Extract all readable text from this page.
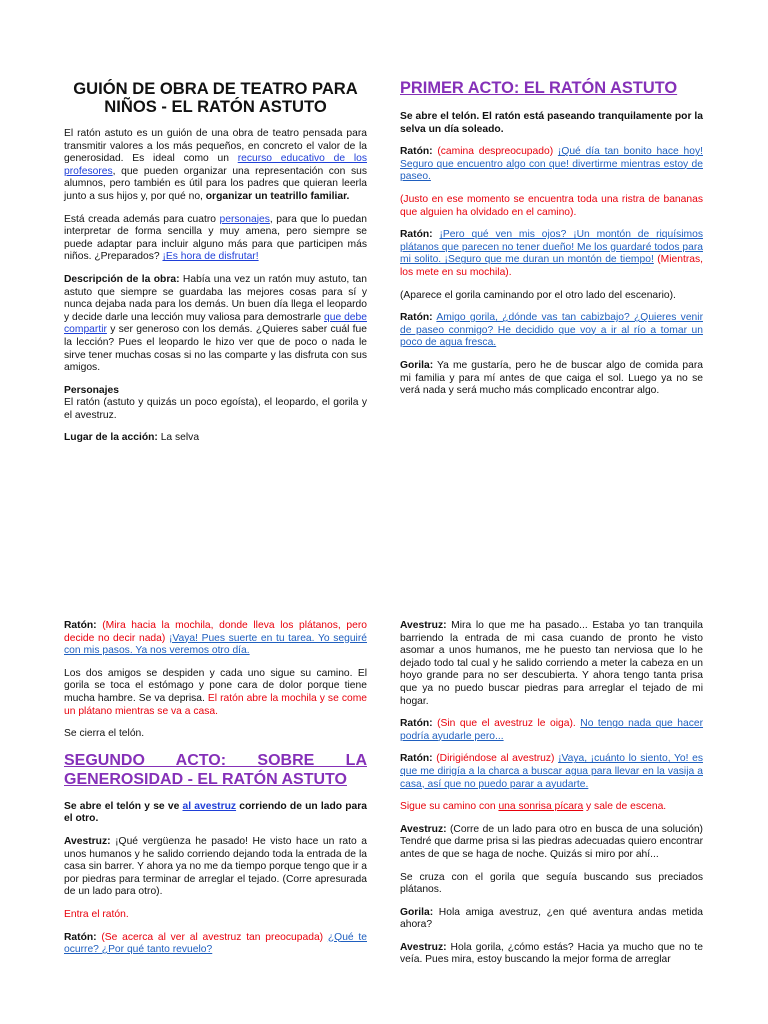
GUIÓN DE OBRA DE TEATRO PARA NIÑOS - EL RATÓN ASTUTO

El ratón astuto es un guión de una obra de teatro pensada para transmitir valores a los más pequeños, en concreto el valor de la generosidad. Es ideal como un recurso educativo de los profesores, que pueden organizar una representación con sus alumnos, pero también es útil para los padres que quieran leerla junto a sus hijos y, por qué no, organizar un teatrillo familiar.

Está creada además para cuatro personajes, para que lo puedan interpretar de forma sencilla y muy amena, pero siempre se puede adaptar para incluir alguno más para que participen más niños. ¿Preparados? ¡Es hora de disfrutar!

Descripción de la obra: Había una vez un ratón muy astuto, tan astuto que siempre se guardaba las mejores cosas para sí y nunca dejaba nada para los demás. Un buen día llega el leopardo y decide darle una lección muy valiosa para demostrarle que debe compartir y ser generoso con los demás. ¿Quieres saber cuál fue la lección? Pues el leopardo le hizo ver que de poco o nada le sirve tener muchas cosas si no las comparte y las disfruta con sus amigos.

Personajes
El ratón (astuto y quizás un poco egoísta), el leopardo, el gorila y el avestruz.

Lugar de la acción: La selva

PRIMER ACTO: EL RATÓN ASTUTO

Se abre el telón. El ratón está paseando tranquilamente por la selva un día soleado.

Ratón: (camina despreocupado) ¡Qué día tan bonito hace hoy! Seguro que encuentro algo con que! divertirme mientras estoy de paseo.

(Justo en ese momento se encuentra toda una ristra de bananas que alguien ha olvidado en el camino).

Ratón: ¡Pero qué ven mis ojos? ¡Un montón de riquísimos plátanos que parecen no tener dueño! Me los guardaré todos para mi solito. ¡Seguro que me duran un montón de tiempo! (Mientras, los mete en su mochila).

(Aparece el gorila caminando por el otro lado del escenario).

Ratón: Amigo gorila, ¿dónde vas tan cabizbajo? ¿Quieres venir de paseo conmigo? He decidido que voy a ir al río a tomar un poco de agua fresca.

Gorila: Ya me gustaría, pero he de buscar algo de comida para mi familia y para mí antes de que caiga el sol. Luego ya no se verá nada y será mucho más complicado encontrar algo.

Ratón: (Mira hacia la mochila, donde lleva los plátanos, pero decide no decir nada) ¡Vaya! Pues suerte en tu tarea. Yo seguiré con mis pasos. Ya nos veremos otro día.

Los dos amigos se despiden y cada uno sigue su camino. El gorila se toca el estómago y pone cara de dolor porque tiene mucha hambre. Se va deprisa. El ratón abre la mochila y se come un plátano mientras se va a casa.

Se cierra el telón.

SEGUNDO ACTO: SOBRE LA GENEROSIDAD - EL RATÓN ASTUTO

Se abre el telón y se ve al avestruz corriendo de un lado para el otro.

Avestruz: ¡Qué vergüenza he pasado! He visto hace un rato a unos humanos y he salido corriendo dejando toda la entrada de la casa sin barrer. Y ahora ya no me da tiempo porque tengo que ir a por piedras para terminar de arreglar el tejado. (Corre apresurada de un lado para otro).

Entra el ratón.

Ratón: (Se acerca al ver al avestruz tan preocupada) ¿Qué te ocurre? ¿Por qué tanto revuelo?

Avestruz: Mira lo que me ha pasado... Estaba yo tan tranquila barriendo la entrada de mi casa cuando de pronto he visto asomar a unos humanos, me he puesto tan nerviosa que lo he dejado todo tal cual y he salido corriendo a meter la cabeza en un hoyo grande para no ser descubierta. Y ahora tengo tanta prisa que ya no puedo buscar piedras para arreglar el tejado de mi hogar.

Ratón: (Sin que el avestruz le oiga). No tengo nada que hacer podría ayudarle pero...

Ratón: (Dirigiéndose al avestruz) ¡Vaya, ¡cuánto lo siento, Yo! es que me dirigía a la charca a buscar agua para llevar en la vasija a casa, así que no puedo parar a ayudarte.

Sigue su camino con una sonrisa pícara y sale de escena.

Avestruz: (Corre de un lado para otro en busca de una solución) Tendré que darme prisa si las piedras adecuadas quiero encontrar antes de que se haga de noche. Quizás si miro por ahí...

Se cruza con el gorila que seguía buscando sus preciados plátanos.

Gorila: Hola amiga avestruz, ¿en qué aventura andas metida ahora?

Avestruz: Hola gorila, ¿cómo estás? Hacia ya mucho que no te veía. Pues mira, estoy buscando la mejor forma de arreglar
